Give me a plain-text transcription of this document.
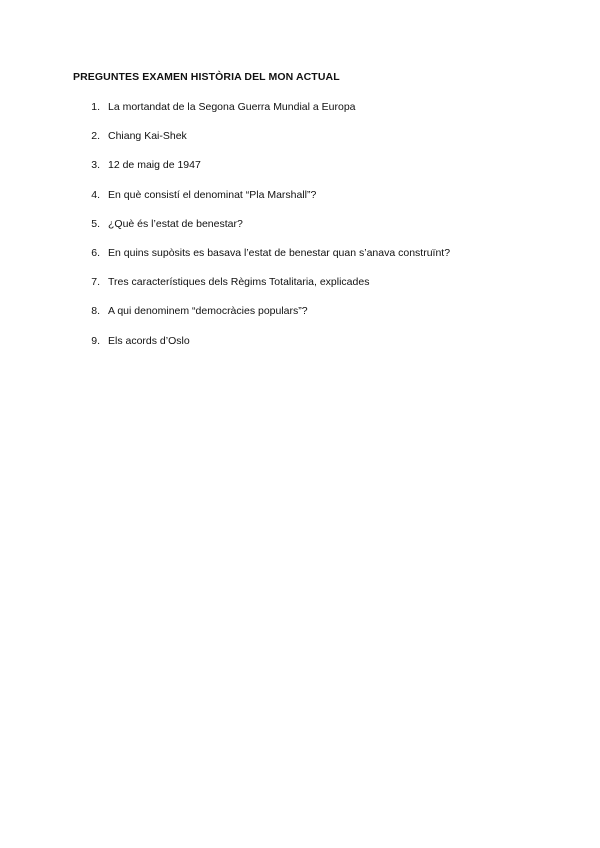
PREGUNTES EXAMEN HISTÒRIA DEL MON ACTUAL
1. La mortandat de la Segona Guerra Mundial a Europa
2. Chiang Kai-Shek
3. 12 de maig de 1947
4. En què consistí el denominat “Pla Marshall”?
5. ¿Què és l’estat de benestar?
6. En quins supòsits es basava l’estat de benestar quan s’anava construïnt?
7. Tres característiques dels Règims Totalitaria, explicades
8. A qui denominem “democràcies populars”?
9. Els acords d’Oslo
